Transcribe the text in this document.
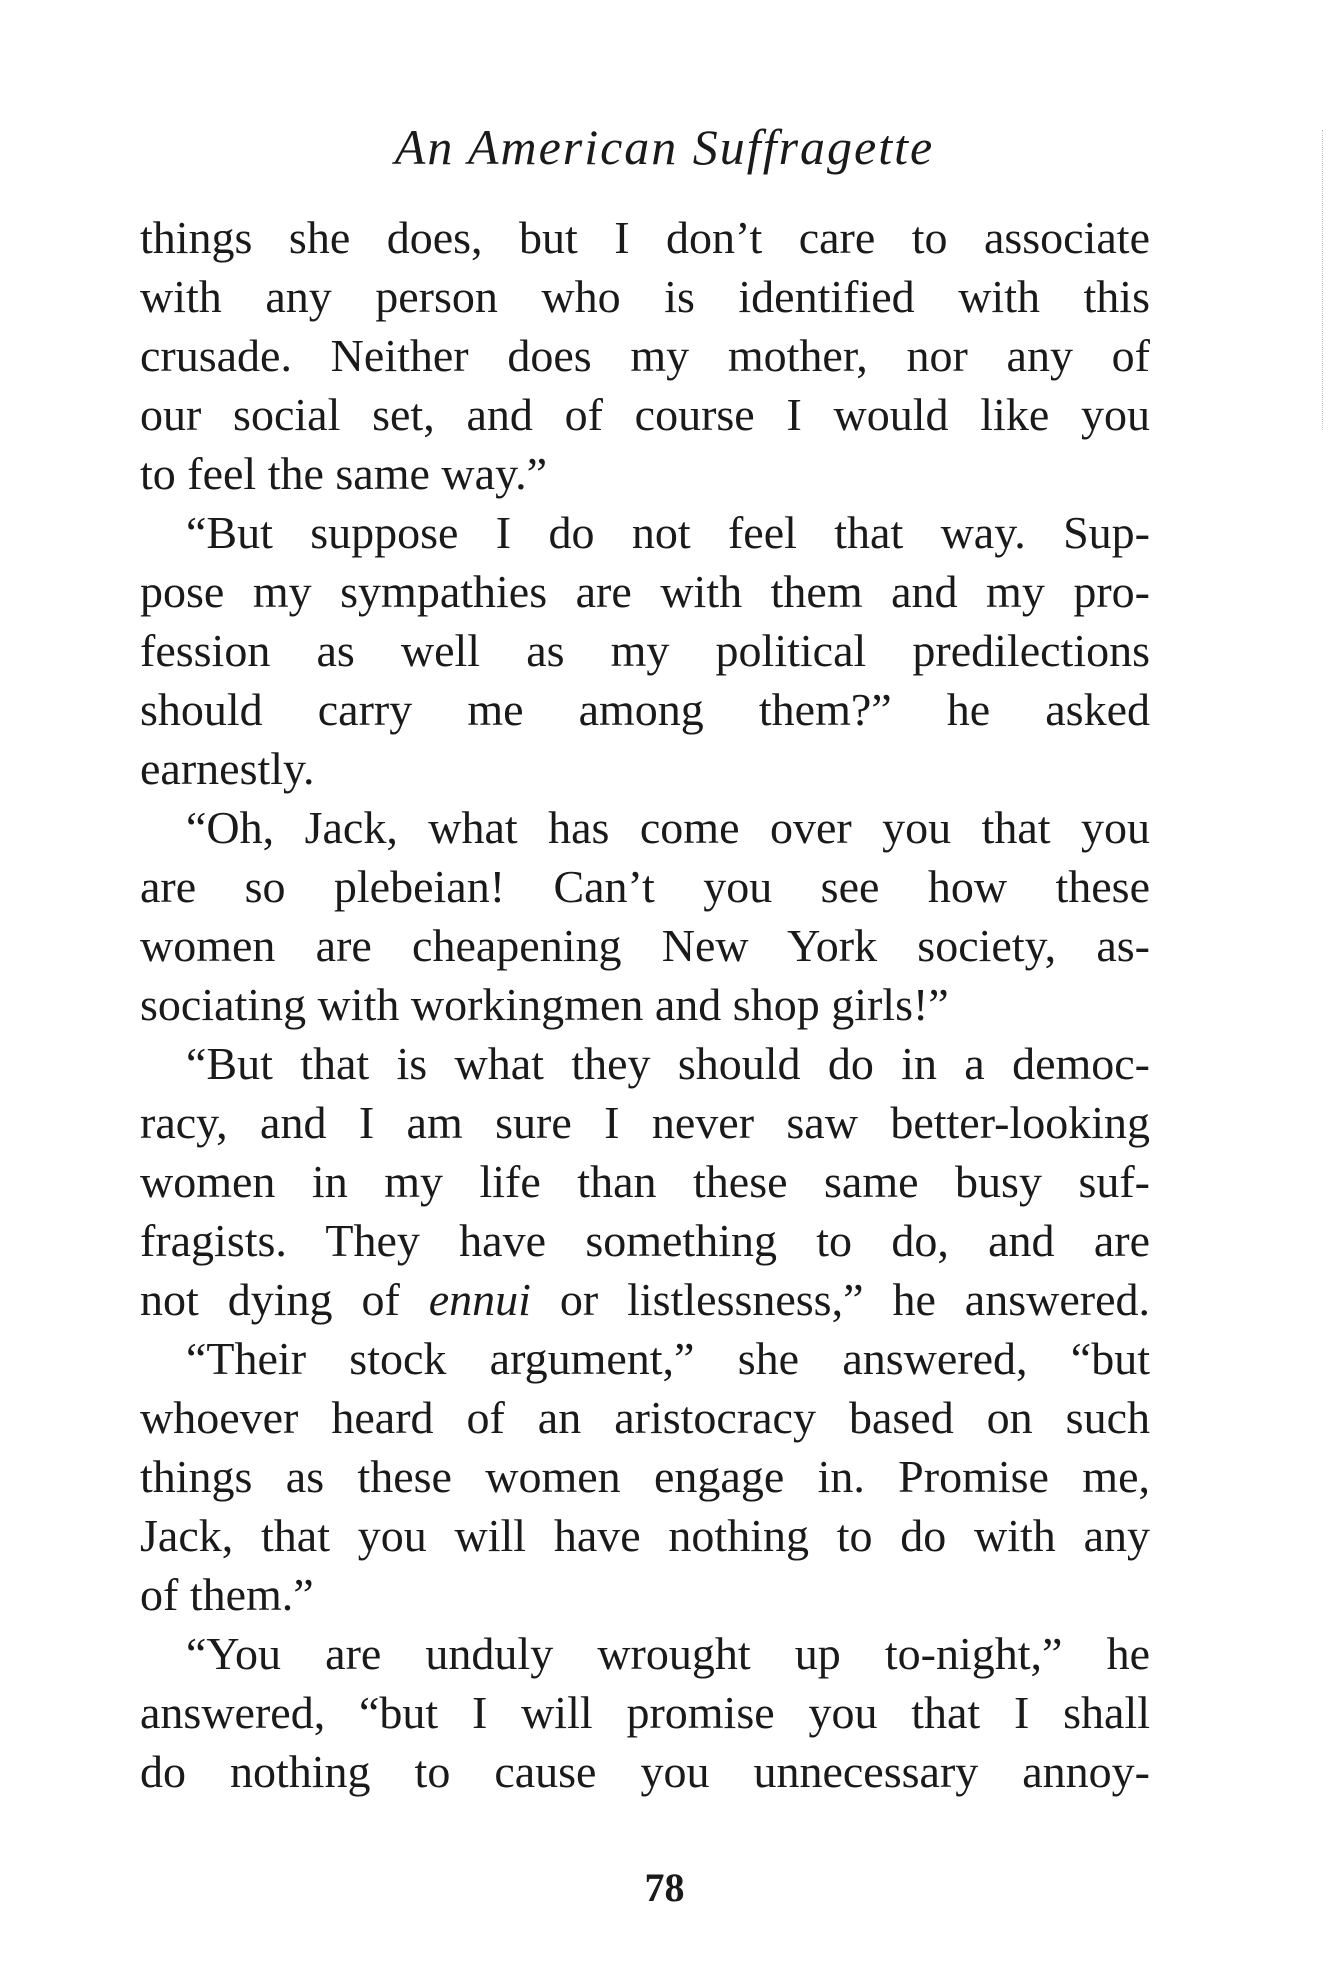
An American Suffragette
things she does, but I don’t care to associate
with any person who is identified with this
crusade. Neither does my mother, nor any of
our social set, and of course I would like you
to feel the same way.”
“But suppose I do not feel that way. Sup-
pose my sympathies are with them and my pro-
fession as well as my political predilections
should carry me among them?” he asked
earnestly.
“Oh, Jack, what has come over you that you
are so plebeian! Can’t you see how these
women are cheapening New York society, as-
sociating with workingmen and shop girls!”
“But that is what they should do in a democ-
racy, and I am sure I never saw better-looking
women in my life than these same busy suf-
fragists. They have something to do, and are
not dying of ennui or listlessness,” he answered.
“Their stock argument,” she answered, “but
whoever heard of an aristocracy based on such
things as these women engage in. Promise me,
Jack, that you will have nothing to do with any
of them.”
“You are unduly wrought up to-night,” he
answered, “but I will promise you that I shall
do nothing to cause you unnecessary annoy-
78
